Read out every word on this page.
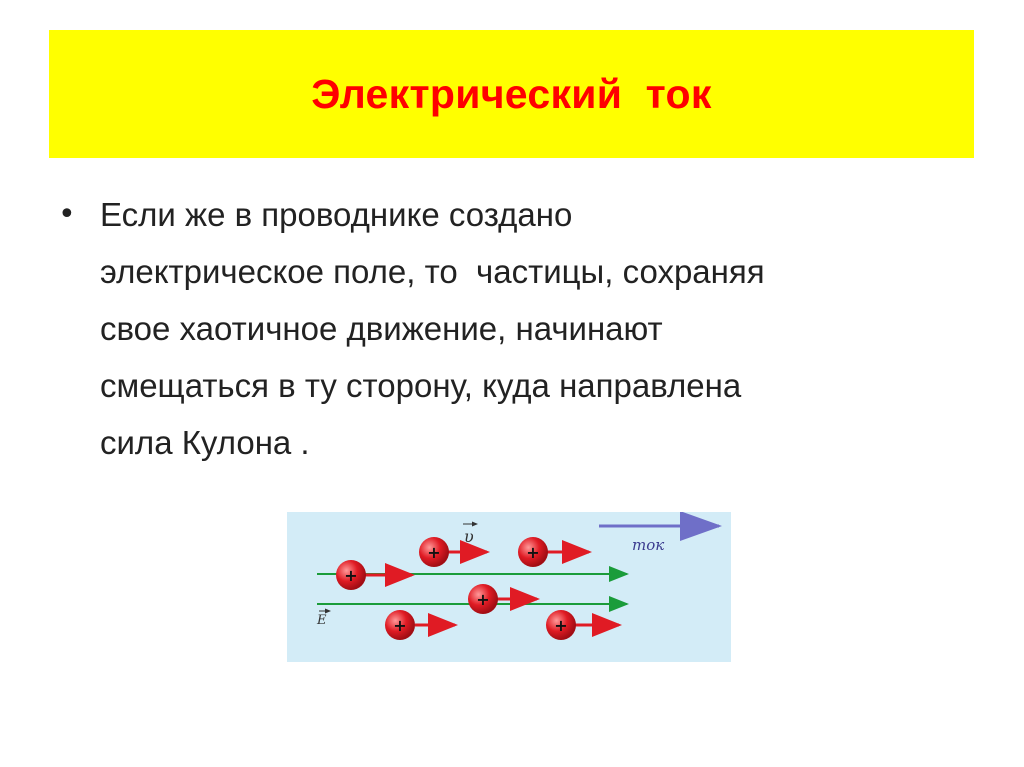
Электрический  ток
• Если же в проводнике создано
электрическое поле, то  частицы, сохраняя
свое хаотичное движение, начинают
смещаться в ту сторону, куда направлена
сила Кулона .
ток
E
υ
+
+	+
+
+	+
